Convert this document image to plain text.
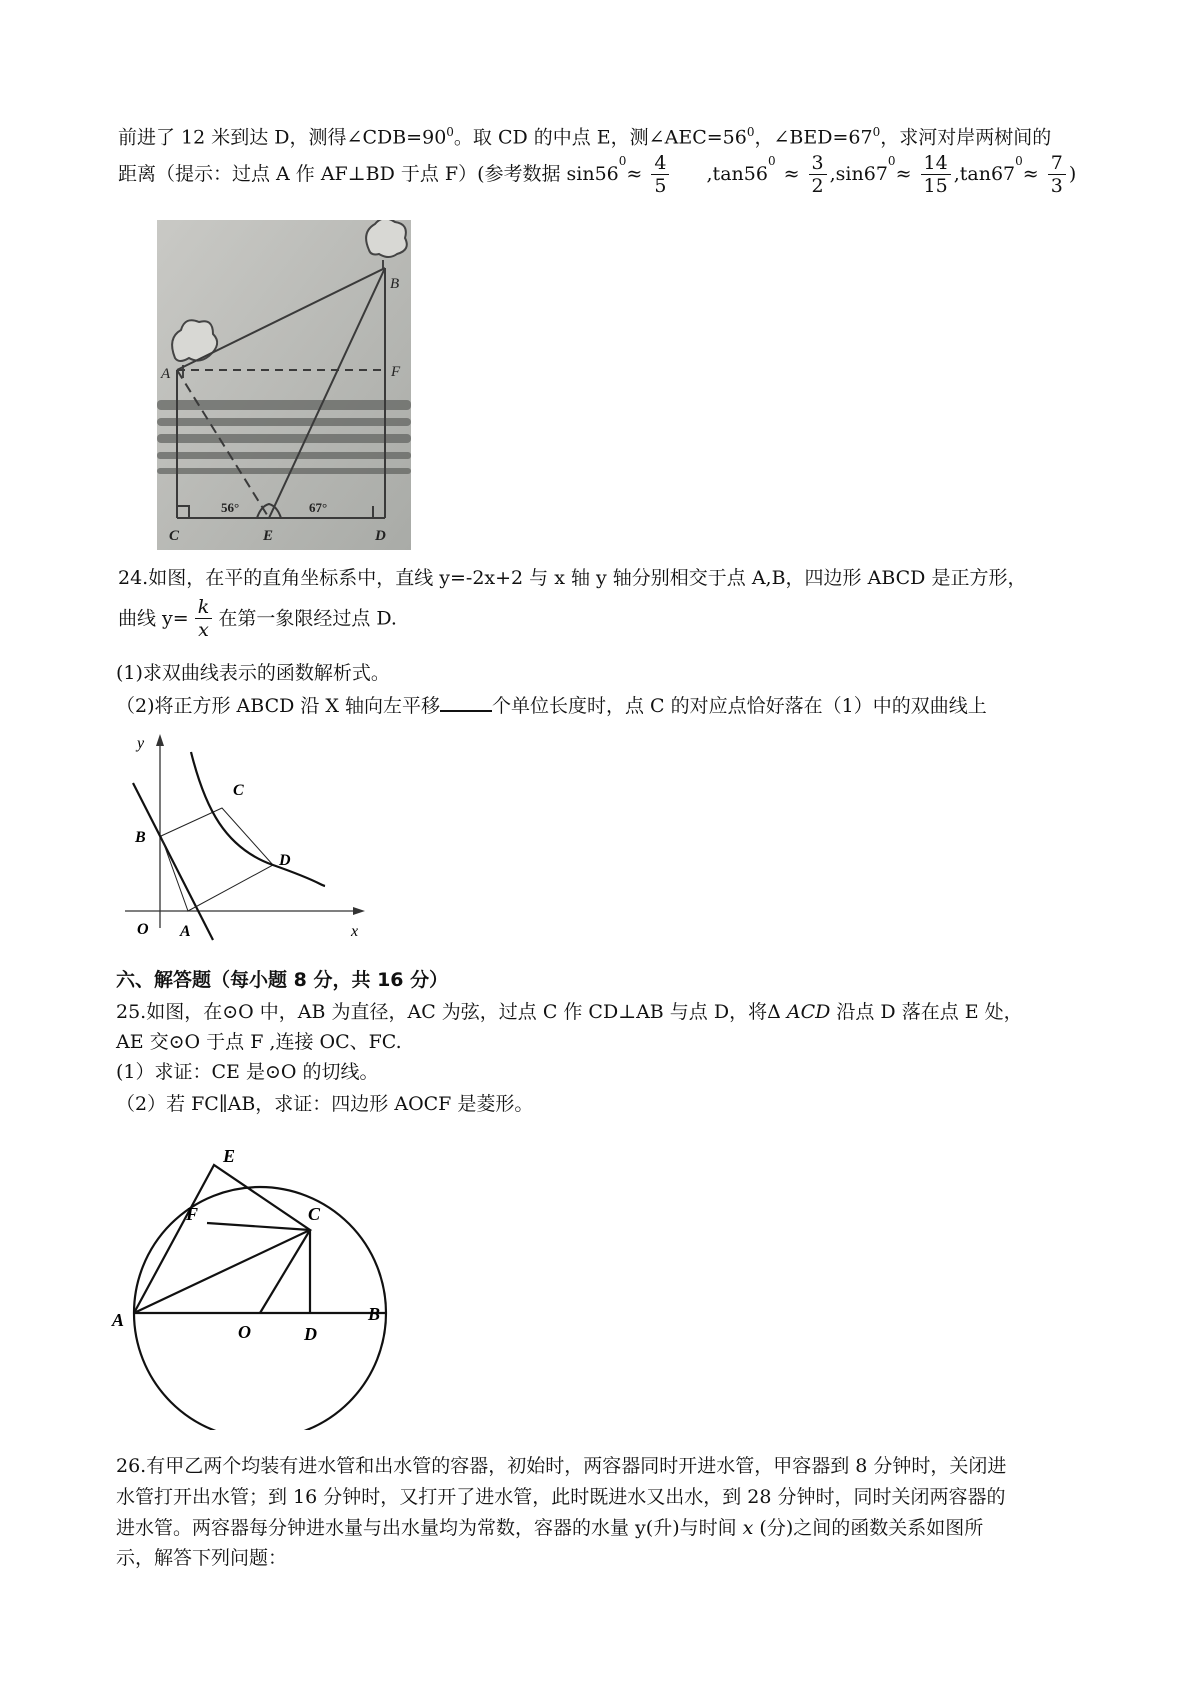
前进了 12 米到达 D，测得$\angle CDB=90^0$。取 CD 的中点 E，测$\angle AEC=56^0$，$\angle BED=67^0$，求河对岸两树间的
距离（提示：过点 A 作 AF⊥BD 于点 F）(参考数据 $\sin 56^0\approx \frac{4}{5} ,\tan 56^0\approx \frac{3}{2} ,\sin 67^0\approx \frac{14}{15} ,\tan 67^0\approx \frac{7}{3}$ )
A
B
F
C	E	D
56°	67°
24.如图，在平的直角坐标系中，直线 y=-2x+2 与 x 轴 y 轴分别相交于点 A,B，四边形 ABCD 是正方形，
曲线 $y= \frac{k}{x}$ 在第一象限经过点 D.
(1)求双曲线表示的函数解析式。
（2)将正方形 ABCD 沿 X 轴向左平移	个单位长度时，点 C 的对应点恰好落在（1）中的双曲线上
y
x
O A
B
C
D
六、解答题（每小题 8 分，共 16 分）
25.如图，在⊙O 中，AB 为直径，AC 为弦，过点 C 作 CD⊥AB 与点 D，将Δ ACD 沿点 D 落在点 E 处，
AE 交⊙O 于点 F ,连接 OC、FC.
(1）求证：CE 是⊙O 的切线。
（2）若 FC∥AB，求证：四边形 AOCF 是菱形。
E
F	C
A
O	D
B
26.有甲乙两个均装有进水管和出水管的容器，初始时，两容器同时开进水管，甲容器到 8 分钟时，关闭进
水管打开出水管；到 16 分钟时，又打开了进水管，此时既进水又出水，到 28 分钟时，同时关闭两容器的
进水管。两容器每分钟进水量与出水量均为常数，容器的水量 y(升)与时间 x (分)之间的函数关系如图所
示，解答下列问题：
